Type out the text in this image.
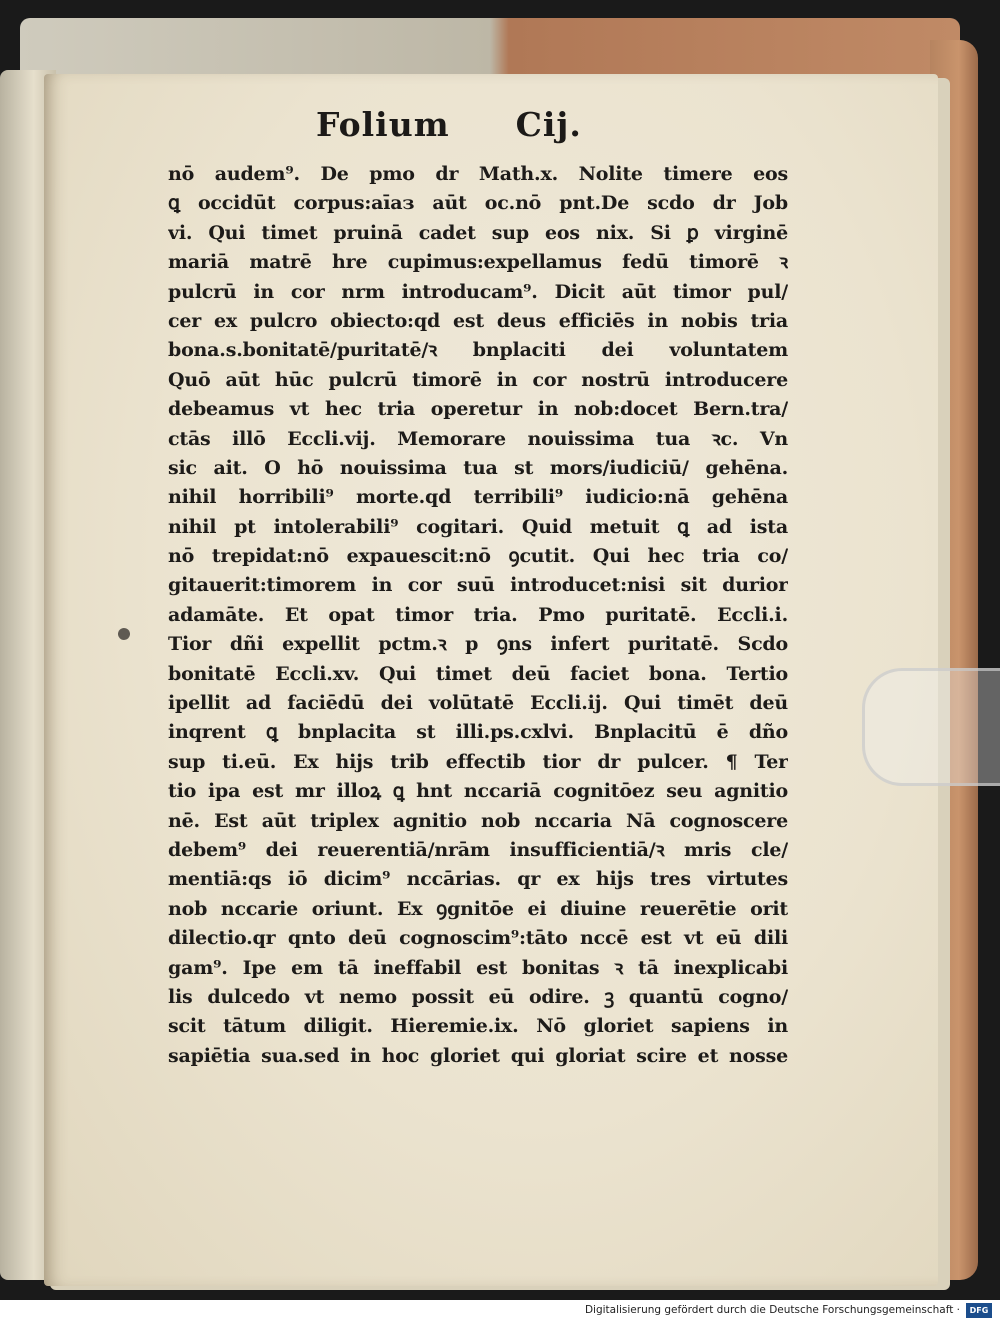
Folium Cij.
nō audem⁹. De pmo dr Math.x. Nolite timere eos
ꝗ occidūt corpus:aīaз aūt oc.nō pnt.De scdo dr Job
vi. Qui timet pruinā cadet sup eos nix. Si ꝑ virginē
mariā matrē hre cupimus:expellamus fedū timorē ꝛ
pulcrū in cor nrm introducam⁹. Dicit aūt timor pul/
cer ex pulcro obiecto:qd est deus efficiēs in nobis tria
bona.s.bonitatē/puritatē/ꝛ bnplaciti dei voluntatem
Quō aūt hūc pulcrū timorē in cor nostrū introducere
debeamus vt hec tria operetur in nob:docet Bern.tra/
ctās illō Eccli.vij. Memorare nouissima tua ꝛc. Vn
sic ait. O hō nouissima tua st mors/iudiciū/ gehēna.
nihil horribili⁹ morte.qd terribili⁹ iudicio:nā gehēna
nihil pt intolerabili⁹ cogitari. Quid metuit ꝗ ad ista
nō trepidat:nō expauescit:nō ꝯcutit. Qui hec tria co/
gitauerit:timorem in cor suū introducet:nisi sit durior
adamāte. Et opat timor tria. Pmo puritatē. Eccli.i.
Tior dñi expellit pctm.ꝛ p ꝯns infert puritatē. Scdo
bonitatē Eccli.xv. Qui timet deū faciet bona. Tertio
ipellit ad faciēdū dei volūtatē Eccli.ij. Qui timēt deū
inqrent ꝗ bnplacita st illi.ps.cxlvi. Bnplacitū ē dño
sup ti.eū. Ex hijs trib effectib tior dr pulcer. ¶ Ter
tio ipa est mr illoꝝ ꝗ hnt nccariā cognitōez seu agnitio
nē. Est aūt triplex agnitio nob nccaria Nā cognoscere
debem⁹ dei reuerentiā/nrām insufficientiā/ꝛ mris cle/
mentiā:qs iō dicim⁹ nccārias. qr ex hijs tres virtutes
nob nccarie oriunt. Ex ꝯgnitōe ei diuine reuerētie orit
dilectio.qr qnto deū cognoscim⁹:tāto nccē est vt eū dili
gam⁹. Ipe em tā ineffabil est bonitas ꝛ tā inexplicabi
lis dulcedo vt nemo possit eū odire. ꝫ quantū cogno/
scit tātum diligit. Hieremie.ix. Nō gloriet sapiens in
sapiētia sua.sed in hoc gloriet qui gloriat scire et nosse
Digitalisierung gefördert durch die Deutsche Forschungsgemeinschaft ·	DFG
